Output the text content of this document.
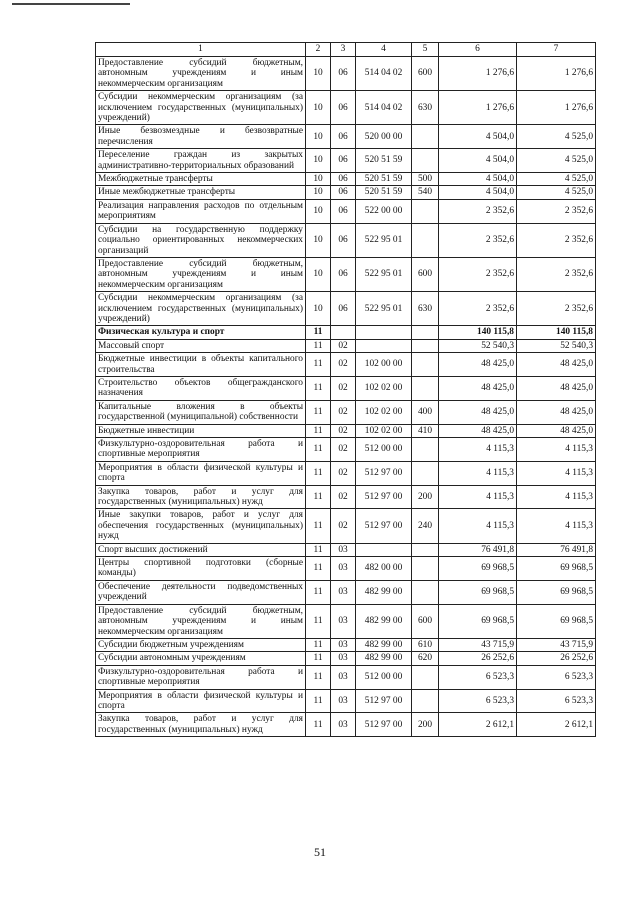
1	2	3	4	5	6	7
Предоставление субсидий бюджетным, автономным учреждениям и иным некоммерческим организациям	10	06	514 04 02	600	1 276,6	1 276,6
Субсидии некоммерческим организациям (за исключением государственных (муниципальных) учреждений)	10	06	514 04 02	630	1 276,6	1 276,6
Иные безвозмездные и безвозвратные перечисления	10	06	520 00 00		4 504,0	4 525,0
Переселение граждан из закрытых административно-территориальных образований	10	06	520 51 59		4 504,0	4 525,0
Межбюджетные трансферты	10	06	520 51 59	500	4 504,0	4 525,0
Иные межбюджетные трансферты	10	06	520 51 59	540	4 504,0	4 525,0
Реализация направления расходов по отдельным мероприятиям	10	06	522 00 00		2 352,6	2 352,6
Субсидии на государственную поддержку социально ориентированных некоммерческих организаций	10	06	522 95 01		2 352,6	2 352,6
Предоставление субсидий бюджетным, автономным учреждениям и иным некоммерческим организациям	10	06	522 95 01	600	2 352,6	2 352,6
Субсидии некоммерческим организациям (за исключением государственных (муниципальных) учреждений)	10	06	522 95 01	630	2 352,6	2 352,6
Физическая культура и спорт	11				140 115,8	140 115,8
Массовый спорт	11	02			52 540,3	52 540,3
Бюджетные инвестиции в объекты капитального строительства	11	02	102 00 00		48 425,0	48 425,0
Строительство объектов общегражданского назначения	11	02	102 02 00		48 425,0	48 425,0
Капитальные вложения в объекты государственной (муниципальной) собственности	11	02	102 02 00	400	48 425,0	48 425,0
Бюджетные инвестиции	11	02	102 02 00	410	48 425,0	48 425,0
Физкультурно-оздоровительная работа и спортивные мероприятия	11	02	512 00 00		4 115,3	4 115,3
Мероприятия в области физической культуры и спорта	11	02	512 97 00		4 115,3	4 115,3
Закупка товаров, работ и услуг для государственных (муниципальных) нужд	11	02	512 97 00	200	4 115,3	4 115,3
Иные закупки товаров, работ и услуг для обеспечения государственных (муниципальных) нужд	11	02	512 97 00	240	4 115,3	4 115,3
Спорт высших достижений	11	03			76 491,8	76 491,8
Центры спортивной подготовки (сборные команды)	11	03	482 00 00		69 968,5	69 968,5
Обеспечение деятельности подведомственных учреждений	11	03	482 99 00		69 968,5	69 968,5
Предоставление субсидий бюджетным, автономным учреждениям и иным некоммерческим организациям	11	03	482 99 00	600	69 968,5	69 968,5
Субсидии бюджетным учреждениям	11	03	482 99 00	610	43 715,9	43 715,9
Субсидии автономным учреждениям	11	03	482 99 00	620	26 252,6	26 252,6
Физкультурно-оздоровительная работа и спортивные мероприятия	11	03	512 00 00		6 523,3	6 523,3
Мероприятия в области физической культуры и спорта	11	03	512 97 00		6 523,3	6 523,3
Закупка товаров, работ и услуг для государственных (муниципальных) нужд	11	03	512 97 00	200	2 612,1	2 612,1
51
